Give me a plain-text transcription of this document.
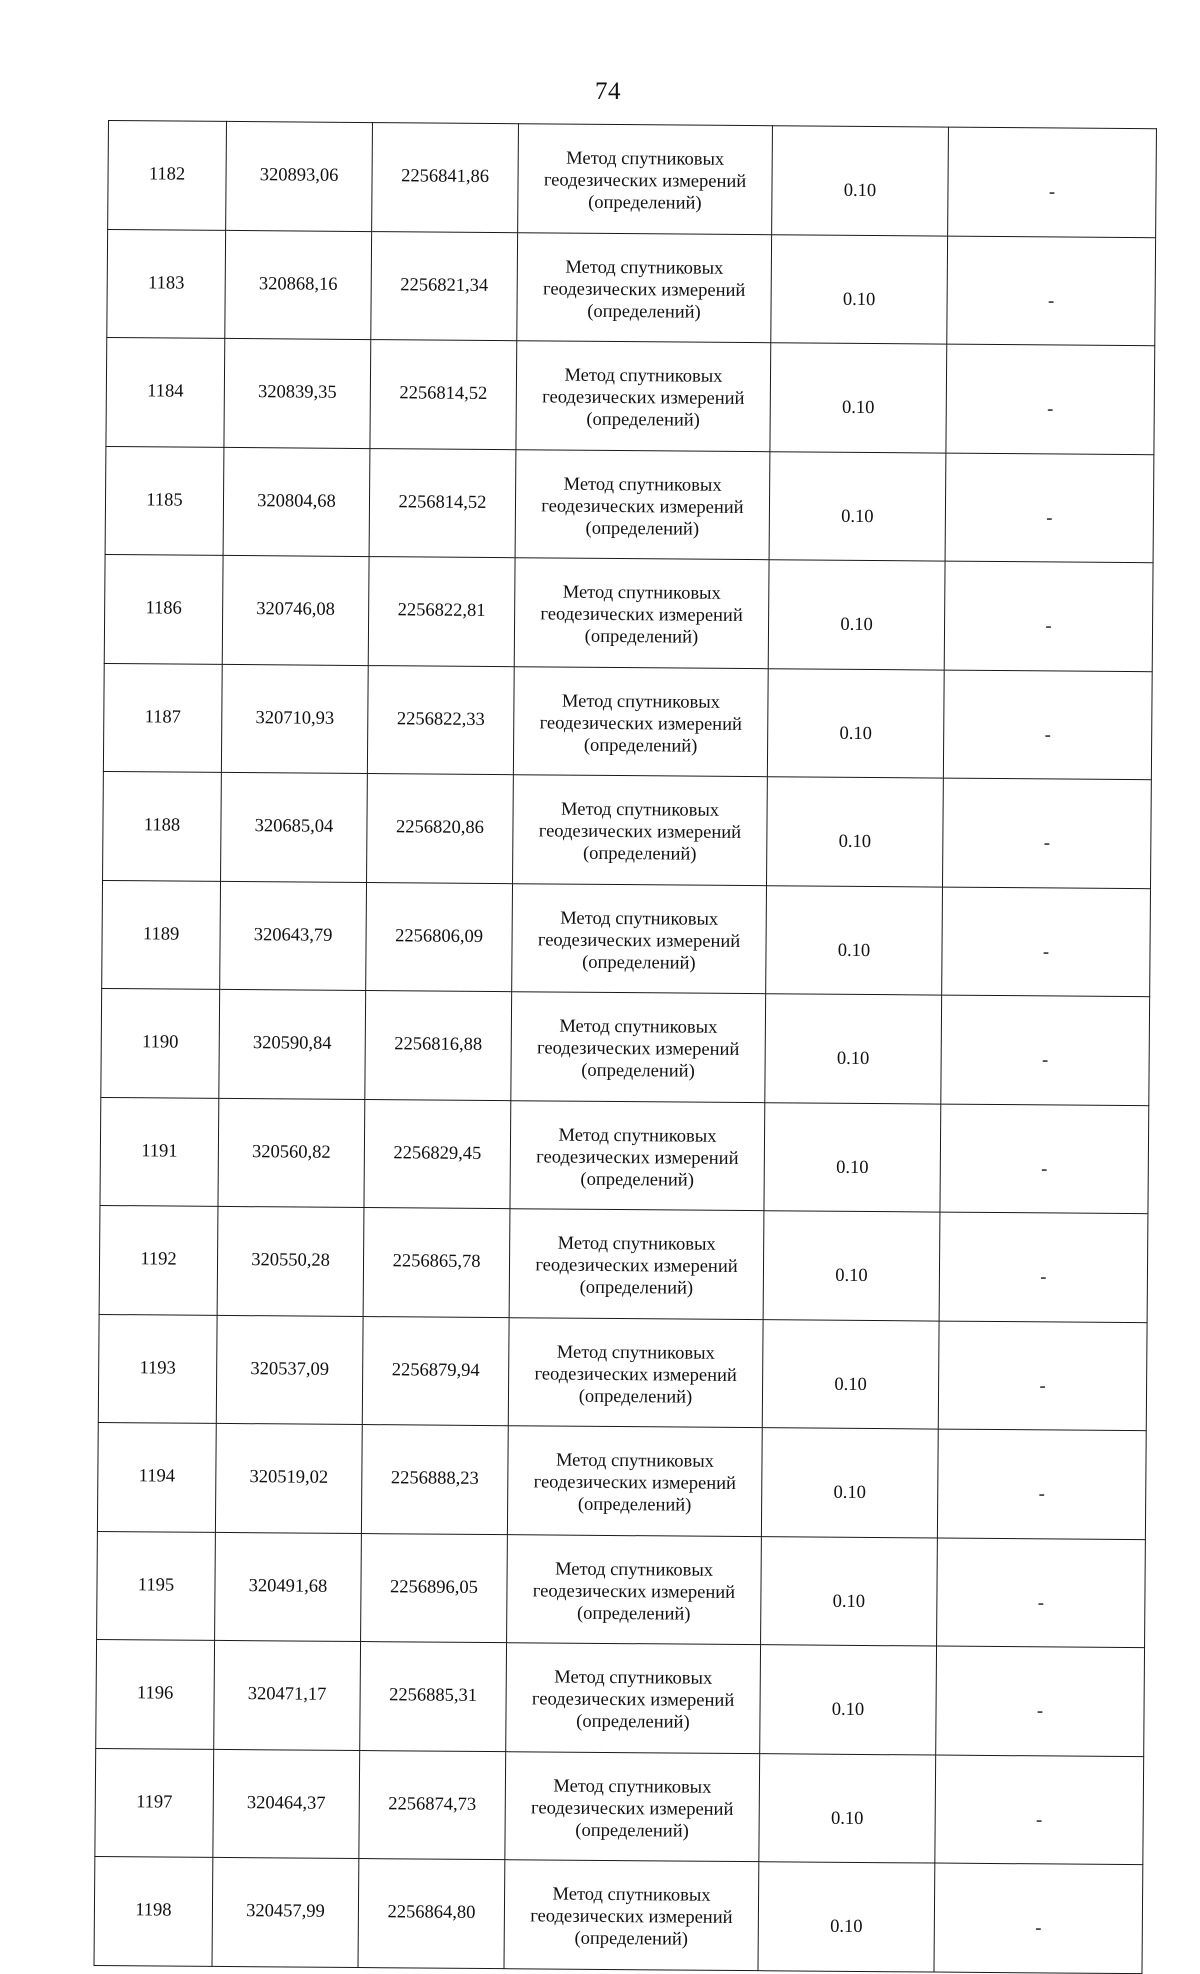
74
1182	320893,06	2256841,86	Метод спутниковых
геодезических измерений
(определений)	0.10	-
1183	320868,16	2256821,34	Метод спутниковых
геодезических измерений
(определений)	0.10	-
1184	320839,35	2256814,52	Метод спутниковых
геодезических измерений
(определений)	0.10	-
1185	320804,68	2256814,52	Метод спутниковых
геодезических измерений
(определений)	0.10	-
1186	320746,08	2256822,81	Метод спутниковых
геодезических измерений
(определений)	0.10	-
1187	320710,93	2256822,33	Метод спутниковых
геодезических измерений
(определений)	0.10	-
1188	320685,04	2256820,86	Метод спутниковых
геодезических измерений
(определений)	0.10	-
1189	320643,79	2256806,09	Метод спутниковых
геодезических измерений
(определений)	0.10	-
1190	320590,84	2256816,88	Метод спутниковых
геодезических измерений
(определений)	0.10	-
1191	320560,82	2256829,45	Метод спутниковых
геодезических измерений
(определений)	0.10	-
1192	320550,28	2256865,78	Метод спутниковых
геодезических измерений
(определений)	0.10	-
1193	320537,09	2256879,94	Метод спутниковых
геодезических измерений
(определений)	0.10	-
1194	320519,02	2256888,23	Метод спутниковых
геодезических измерений
(определений)	0.10	-
1195	320491,68	2256896,05	Метод спутниковых
геодезических измерений
(определений)	0.10	-
1196	320471,17	2256885,31	Метод спутниковых
геодезических измерений
(определений)	0.10	-
1197	320464,37	2256874,73	Метод спутниковых
геодезических измерений
(определений)	0.10	-
1198	320457,99	2256864,80	Метод спутниковых
геодезических измерений
(определений)	0.10	-
